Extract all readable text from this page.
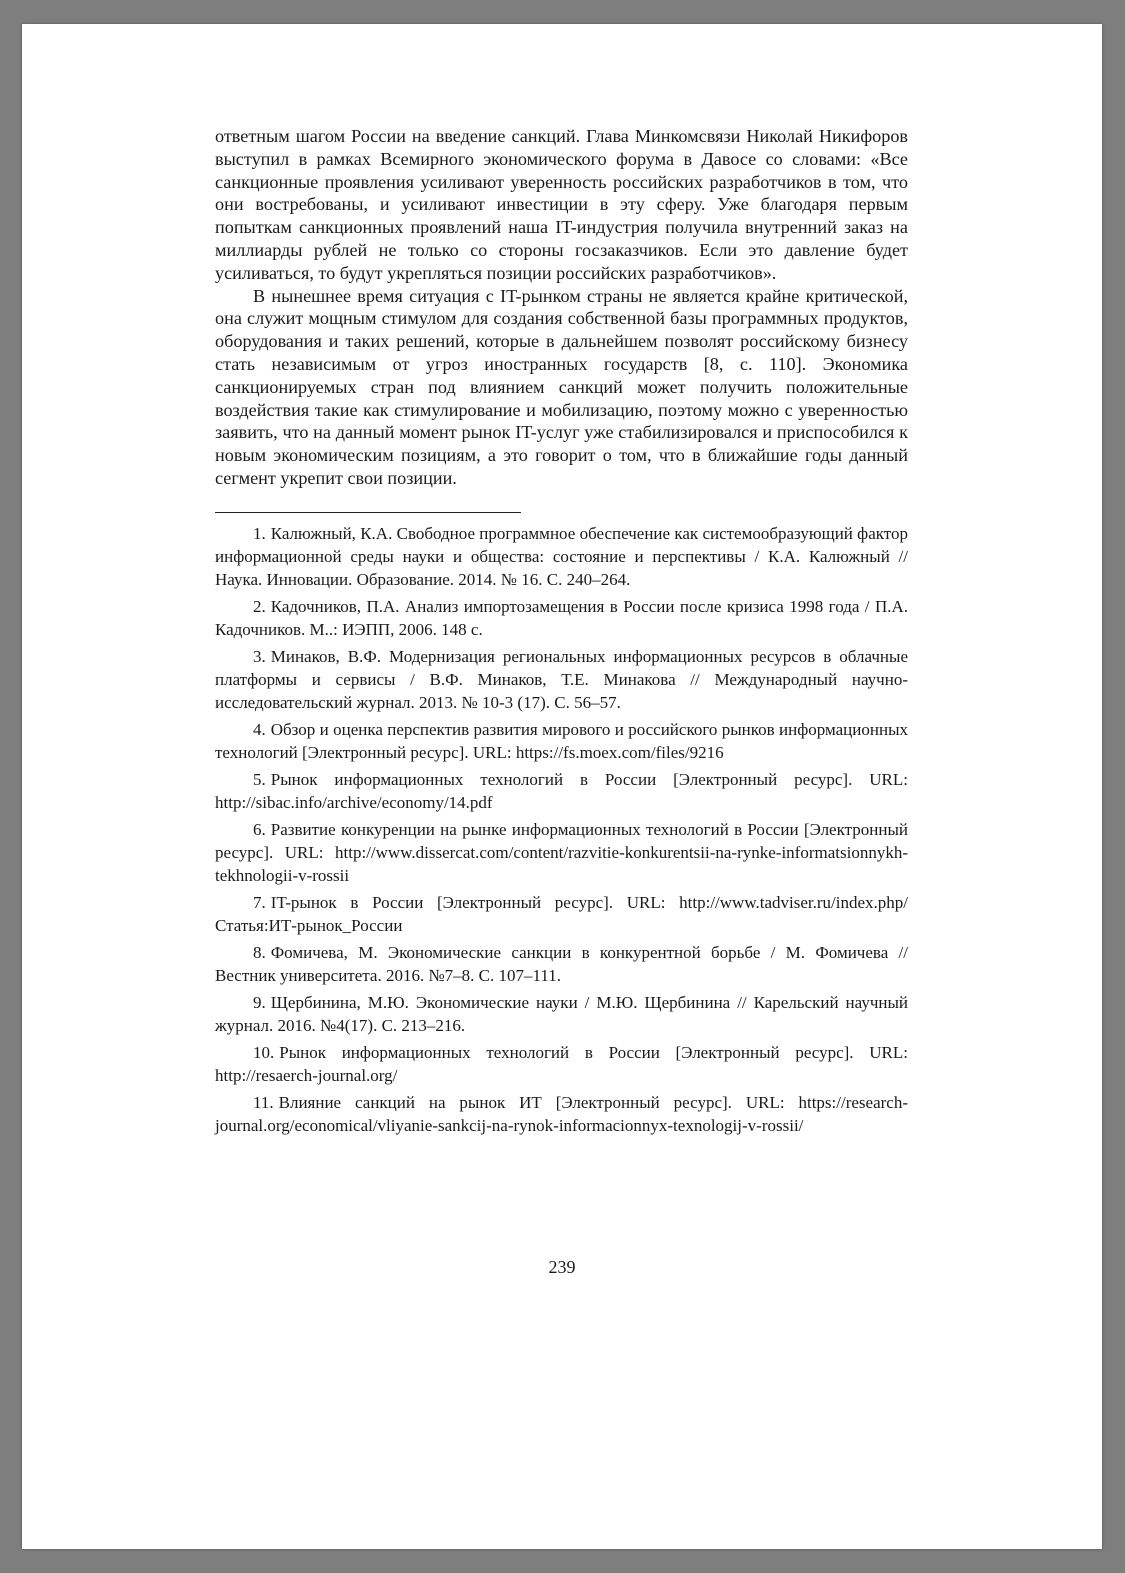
ответным шагом России на введение санкций. Глава Минкомсвязи Николай Никифоров выступил в рамках Всемирного экономического форума в Давосе со словами: «Все санкционные проявления усиливают уверенность российских разработчиков в том, что они востребованы, и усиливают инвестиции в эту сферу. Уже благодаря первым попыткам санкционных проявлений наша IT-индустрия получила внутренний заказ на миллиарды рублей не только со стороны госзаказчиков. Если это давление будет усиливаться, то будут укрепляться позиции российских разработчиков».

В нынешнее время ситуация с IT-рынком страны не является крайне критической, она служит мощным стимулом для создания собственной базы программных продуктов, оборудования и таких решений, которые в дальнейшем позволят российскому бизнесу стать независимым от угроз иностранных государств [8, с. 110]. Экономика санкционируемых стран под влиянием санкций может получить положительные воздействия такие как стимулирование и мобилизацию, поэтому можно с уверенностью заявить, что на данный момент рынок IT-услуг уже стабилизировался и приспособился к новым экономическим позициям, а это говорит о том, что в ближайшие годы данный сегмент укрепит свои позиции.

1. Калюжный, К.А. Свободное программное обеспечение как системообразующий фактор информационной среды науки и общества: состояние и перспективы / К.А. Калюжный // Наука. Инновации. Образование. 2014. № 16. С. 240–264.
2. Кадочников, П.А. Анализ импортозамещения в России после кризиса 1998 года / П.А. Кадочников. М..: ИЭПП, 2006. 148 с.
3. Минаков, В.Ф. Модернизация региональных информационных ресурсов в облачные платформы и сервисы / В.Ф. Минаков, Т.Е. Минакова // Международный научно-исследовательский журнал. 2013. № 10-3 (17). С. 56–57.
4. Обзор и оценка перспектив развития мирового и российского рынков информационных технологий [Электронный ресурс]. URL: https://fs.moex.com/files/9216
5. Рынок информационных технологий в России [Электронный ресурс]. URL: http://sibac.info/archive/economy/14.pdf
6. Развитие конкуренции на рынке информационных технологий в России [Электронный ресурс]. URL: http://www.dissercat.com/content/razvitie-konkurentsii-na-rynke-informatsionnykh-tekhnologii-v-rossii
7. IT-рынок в России [Электронный ресурс]. URL: http://www.tadviser.ru/index.php/Статья:ИТ-рынок_России
8. Фомичева, М. Экономические санкции в конкурентной борьбе / М. Фомичева // Вестник университета. 2016. №7–8. С. 107–111.
9. Щербинина, М.Ю. Экономические науки / М.Ю. Щербинина // Карельский научный журнал. 2016. №4(17). С. 213–216.
10. Рынок информационных технологий в России [Электронный ресурс]. URL: http://resaerch-journal.org/
11. Влияние санкций на рынок ИТ [Электронный ресурс]. URL: https://research-journal.org/economical/vliyanie-sankcij-na-rynok-informacionnyx-texnologij-v-rossii/
239
